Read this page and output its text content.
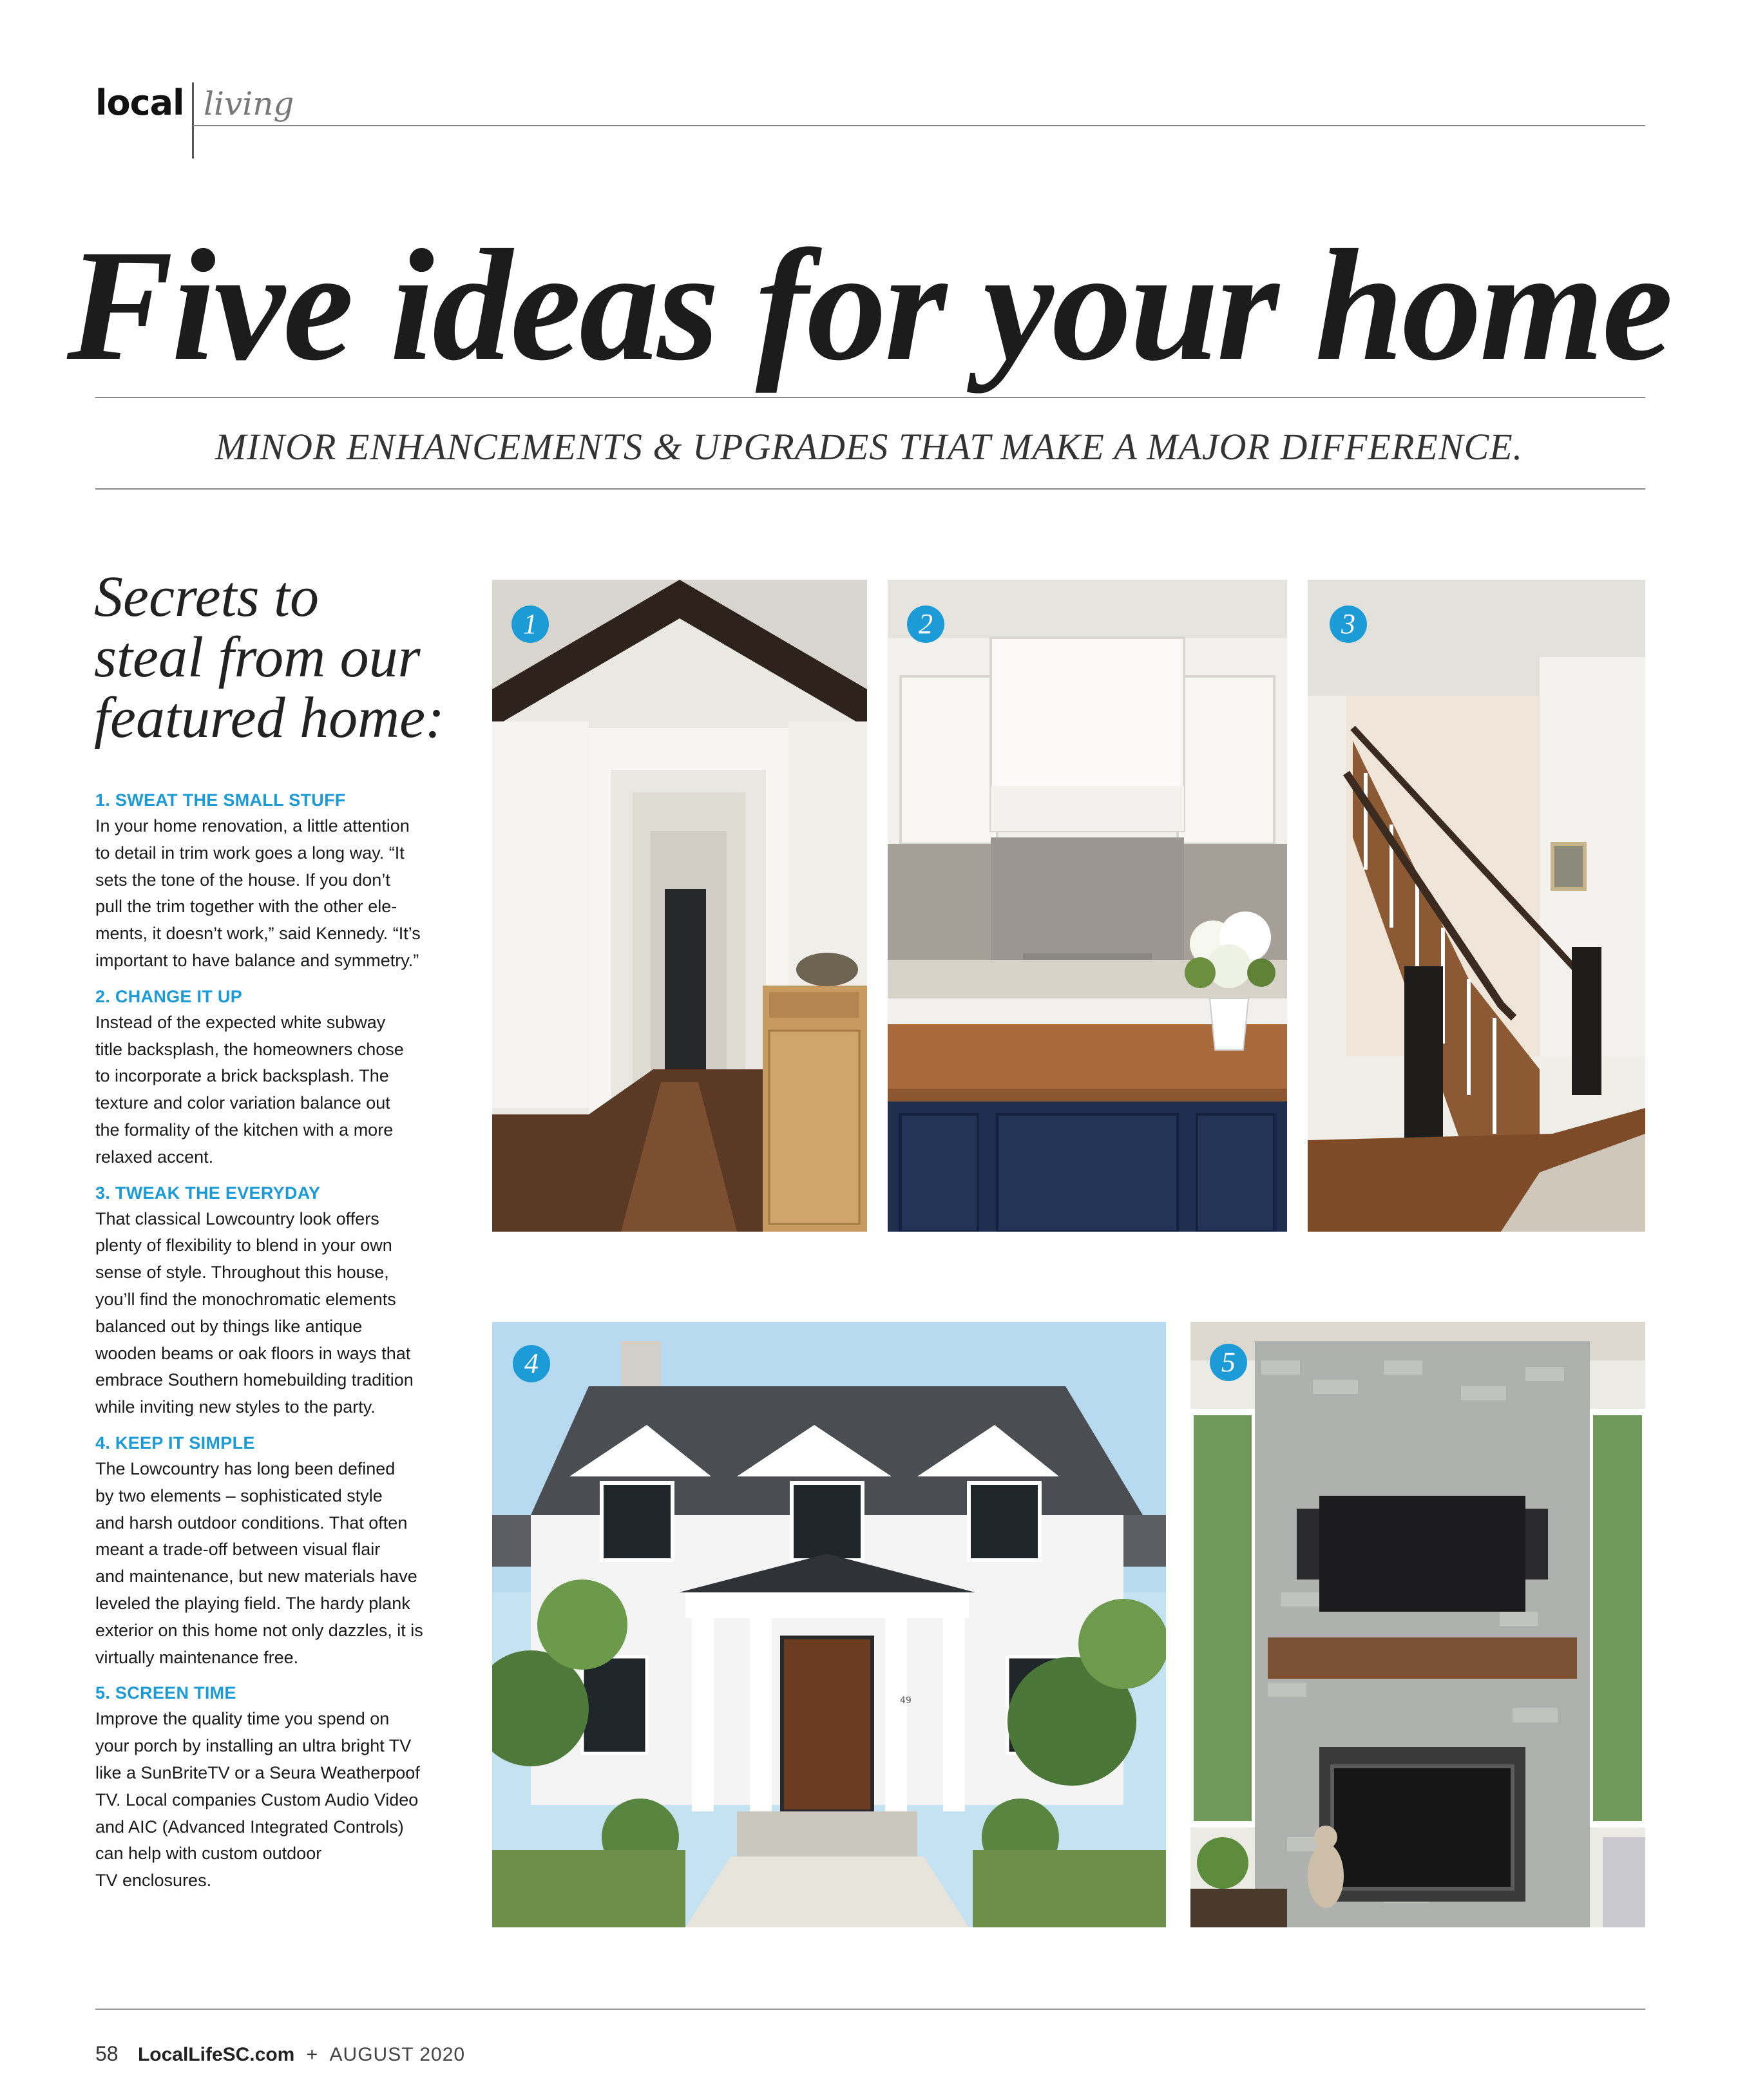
local living
Five ideas for your home
MINOR ENHANCEMENTS & UPGRADES THAT MAKE A MAJOR DIFFERENCE.
Secrets to
steal from our
featured home:
1. SWEAT THE SMALL STUFF
In your home renovation, a little attention
to detail in trim work goes a long way. “It
sets the tone of the house. If you don’t
pull the trim together with the other ele-
ments, it doesn’t work,” said Kennedy. “It’s
important to have balance and symmetry.”
2. CHANGE IT UP
Instead of the expected white subway
title backsplash, the homeowners chose
to incorporate a brick backsplash. The
texture and color variation balance out
the formality of the kitchen with a more
relaxed accent.
3. TWEAK THE EVERYDAY
That classical Lowcountry look offers
plenty of flexibility to blend in your own
sense of style. Throughout this house,
you’ll find the monochromatic elements
balanced out by things like antique
wooden beams or oak floors in ways that
embrace Southern homebuilding tradition
while inviting new styles to the party.
4. KEEP IT SIMPLE
The Lowcountry has long been defined
by two elements – sophisticated style
and harsh outdoor conditions. That often
meant a trade-off between visual flair
and maintenance, but new materials have
leveled the playing field. The hardy plank
exterior on this home not only dazzles, it is
virtually maintenance free.
5. SCREEN TIME
Improve the quality time you spend on
your porch by installing an ultra bright TV
like a SunBriteTV or a Seura Weatherpoof
TV. Local companies Custom Audio Video
and AIC (Advanced Integrated Controls)
can help with custom outdoor
TV enclosures.
1	2	3
49
4	5
58 LocalLifeSC.com + AUGUST 2020
